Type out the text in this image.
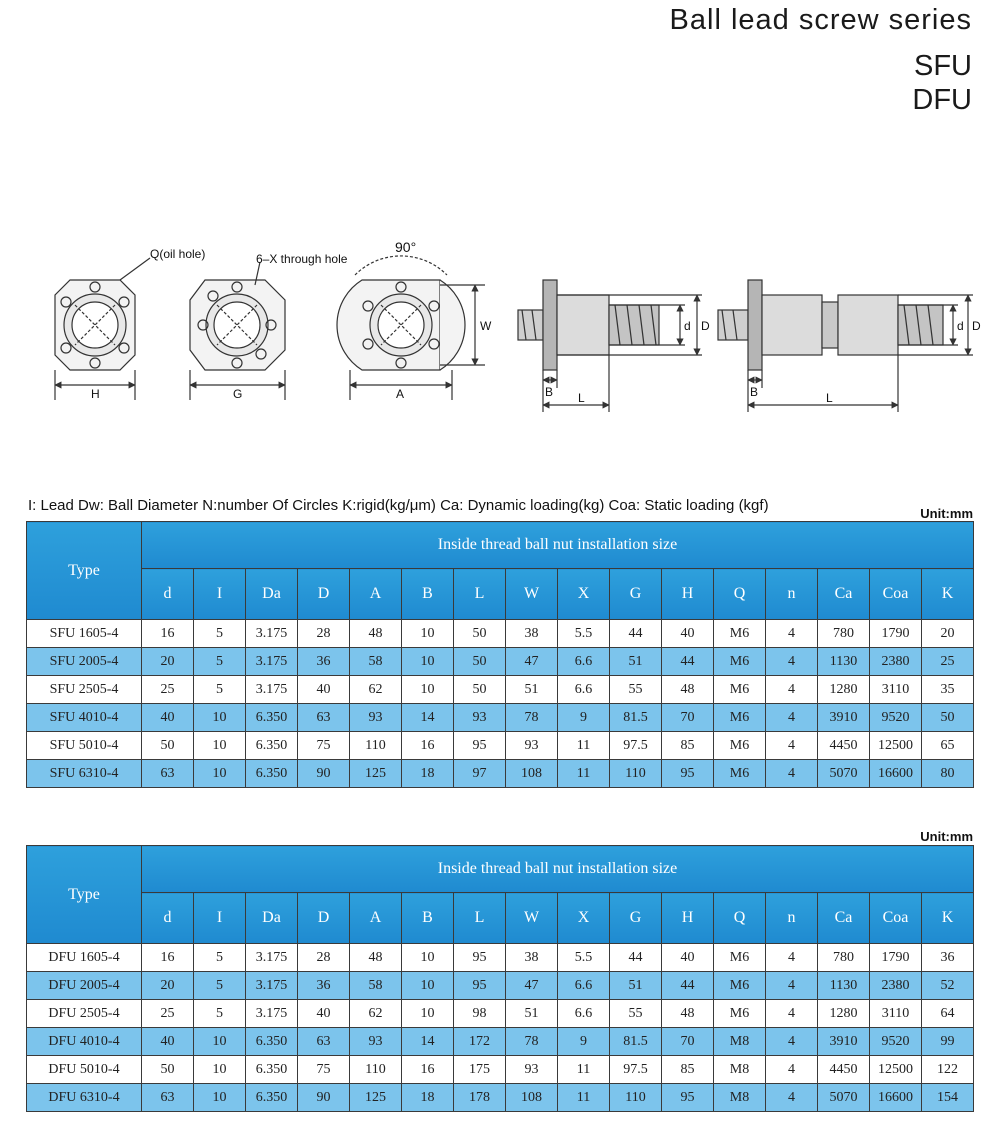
Ball lead screw series
SFU
DFU
H
Q(oil hole)
G
6–X through hole
90°
A
W	d D
B L
d D
B	L
I: Lead Dw: Ball Diameter N:number Of Circles K:rigid(kg/μm) Ca: Dynamic loading(kg) Coa: Static loading (kgf)	Unit:mm
Type	Inside thread ball nut installation size															
	d	I	Da	D	A	B	L	W	X	G	H	Q	n	Ca	Coa	K
SFU 1605-4	16	5	3.175	28	48	10	50	38	5.5	44	40	M6	4	780	1790	20
SFU 2005-4	20	5	3.175	36	58	10	50	47	6.6	51	44	M6	4	1130	2380	25
SFU 2505-4	25	5	3.175	40	62	10	50	51	6.6	55	48	M6	4	1280	3110	35
SFU 4010-4	40	10	6.350	63	93	14	93	78	9	81.5	70	M6	4	3910	9520	50
SFU 5010-4	50	10	6.350	75	110	16	95	93	11	97.5	85	M6	4	4450	12500	65
SFU 6310-4	63	10	6.350	90	125	18	97	108	11	110	95	M6	4	5070	16600	80
Unit:mm
Type	Inside thread ball nut installation size															
	d	I	Da	D	A	B	L	W	X	G	H	Q	n	Ca	Coa	K
DFU 1605-4	16	5	3.175	28	48	10	95	38	5.5	44	40	M6	4	780	1790	36
DFU 2005-4	20	5	3.175	36	58	10	95	47	6.6	51	44	M6	4	1130	2380	52
DFU 2505-4	25	5	3.175	40	62	10	98	51	6.6	55	48	M6	4	1280	3110	64
DFU 4010-4	40	10	6.350	63	93	14	172	78	9	81.5	70	M8	4	3910	9520	99
DFU 5010-4	50	10	6.350	75	110	16	175	93	11	97.5	85	M8	4	4450	12500	122
DFU 6310-4	63	10	6.350	90	125	18	178	108	11	110	95	M8	4	5070	16600	154
